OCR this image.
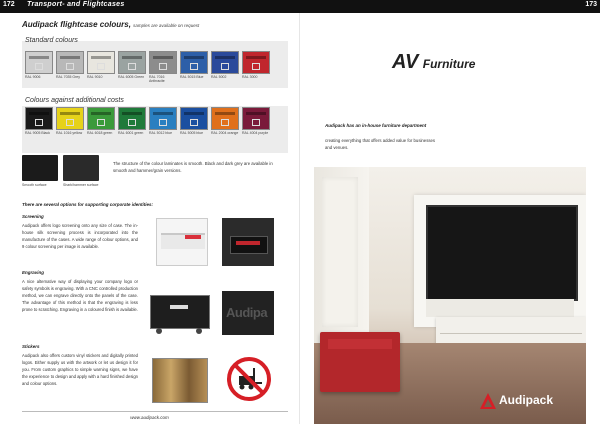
172 Transport- and Flightcases	173
Audipack flightcase colours, samples are available on request
Standard colours
RAL 9006	RAL 7035 Grey	RAL 9010	RAL 6005 Green	RAL 7016 Anthracite
RAL 5015 Blue	RAL 5002	RAL 3000
Colours against additional costs
RAL 9005 Black	RAL 1016 yellow	RAL 6018 green	RAL 6001 green	RAL 5012 blue	RAL 5005 blue	RAL 2004 orange RAL 4004 purple
Smooth surface	Shark/hammer surface
The structure of the colour laminates is smooth. Black and dark grey are available in smooth and hammer/grain versions.
There are several options for supporting corporate identities:
Screening
Audipack offers logo screening onto any size of case. The in-house silk screening process is incorporated into the manufacture of the cases. A wide range of colour options, and 9 colour screening per image is available.
Engraving
A nice alternative way of displaying your company logo or safety symbols is engraving. With a CNC controlled production method, we can engrave directly onto the panels of the case. The advantage of this method is that the engraving is less prone to scratching. Engraving in a coloured finish is available.	Audipa
Stickers
Audipack also offers custom vinyl stickers and digitally printed logos. Either supply us with the artwork or let us design it for you. From custom graphics to simple warning signs, we have the experience to design and apply with a hard finished design and colour options.
www.audipack.com
AV Furniture
Audipack has an in-house furniture department
creating everything that offers added value for businesses and venues.
Audipack
